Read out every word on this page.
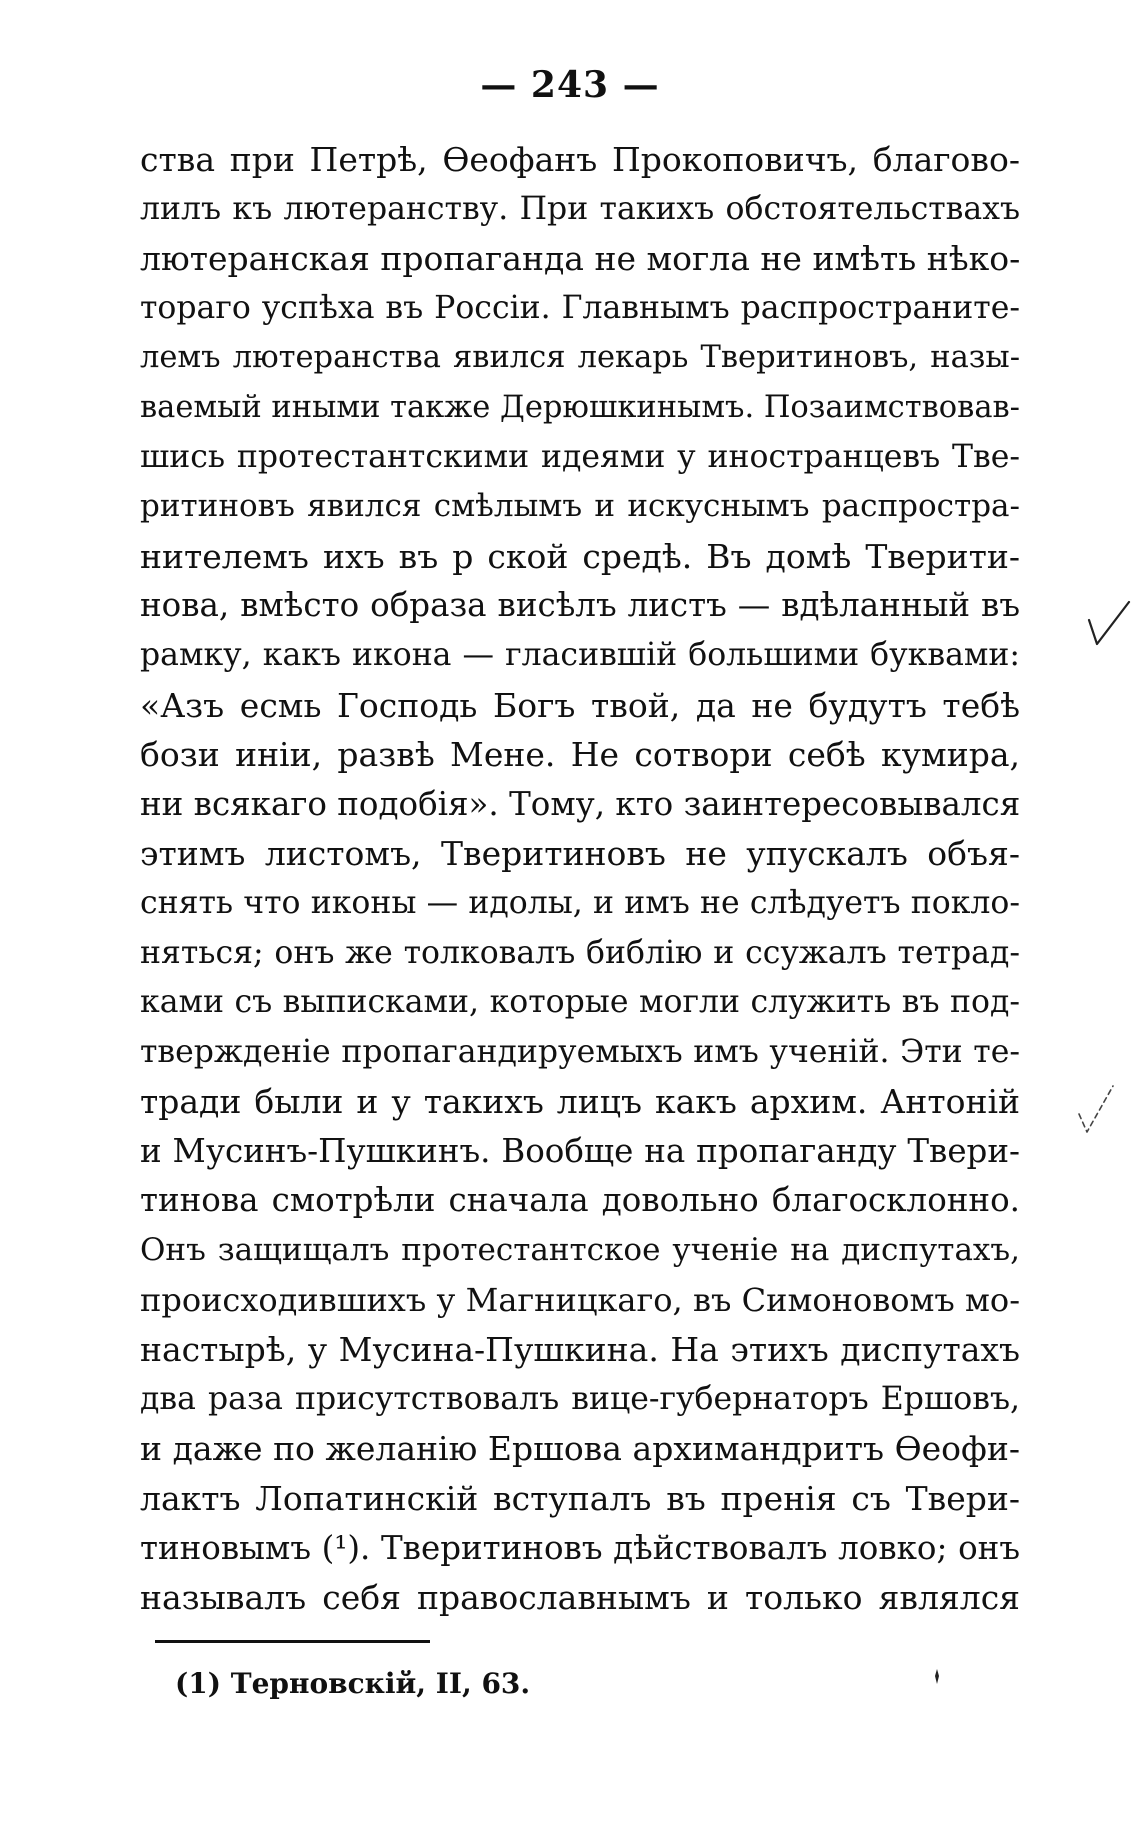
— 243 —
ства при Петрѣ, Ѳеофанъ Прокоповичъ, благово-
лилъ къ лютеранству. При такихъ обстоятельствахъ
лютеранская пропаганда не могла не имѣть нѣко-
тораго успѣха въ Россіи. Главнымъ распространите-
лемъ лютеранства явился лекарь Тверитиновъ, назы-
ваемый иными также Дерюшкинымъ. Позаимствовав-
шись протестантскими идеями у иностранцевъ Тве-
ритиновъ явился смѣлымъ и искуснымъ распростра-
нителемъ ихъ въ р ской средѣ. Въ домѣ Тверити-
нова, вмѣсто образа висѣлъ листъ — вдѣланный въ
рамку, какъ икона — гласившій большими буквами:
«Азъ есмь Господь Богъ твой, да не будутъ тебѣ
бози иніи, развѣ Мене. Не сотвори себѣ кумира,
ни всякаго подобія». Тому, кто заинтересовывался
этимъ листомъ, Тверитиновъ не упускалъ объя-
снять что иконы — идолы, и имъ не слѣдуетъ покло-
няться; онъ же толковалъ библію и ссужалъ тетрад-
ками съ выписками, которые могли служить въ под-
твержденіе пропагандируемыхъ имъ ученій. Эти те-
тради были и у такихъ лицъ какъ архим. Антоній
и Мусинъ-Пушкинъ. Вообще на пропаганду Твери-
тинова смотрѣли сначала довольно благосклонно.
Онъ защищалъ протестантское ученіе на диспутахъ,
происходившихъ у Магницкаго, въ Симоновомъ мо-
настырѣ, у Мусина-Пушкина. На этихъ диспутахъ
два раза присутствовалъ вице-губернаторъ Ершовъ,
и даже по желанію Ершова архимандритъ Ѳеофи-
лактъ Лопатинскій вступалъ въ пренія съ Твери-
тиновымъ (¹). Тверитиновъ дѣйствовалъ ловко; онъ
называлъ себя православнымъ и только являлся
(1) Терновскій, II, 63.
